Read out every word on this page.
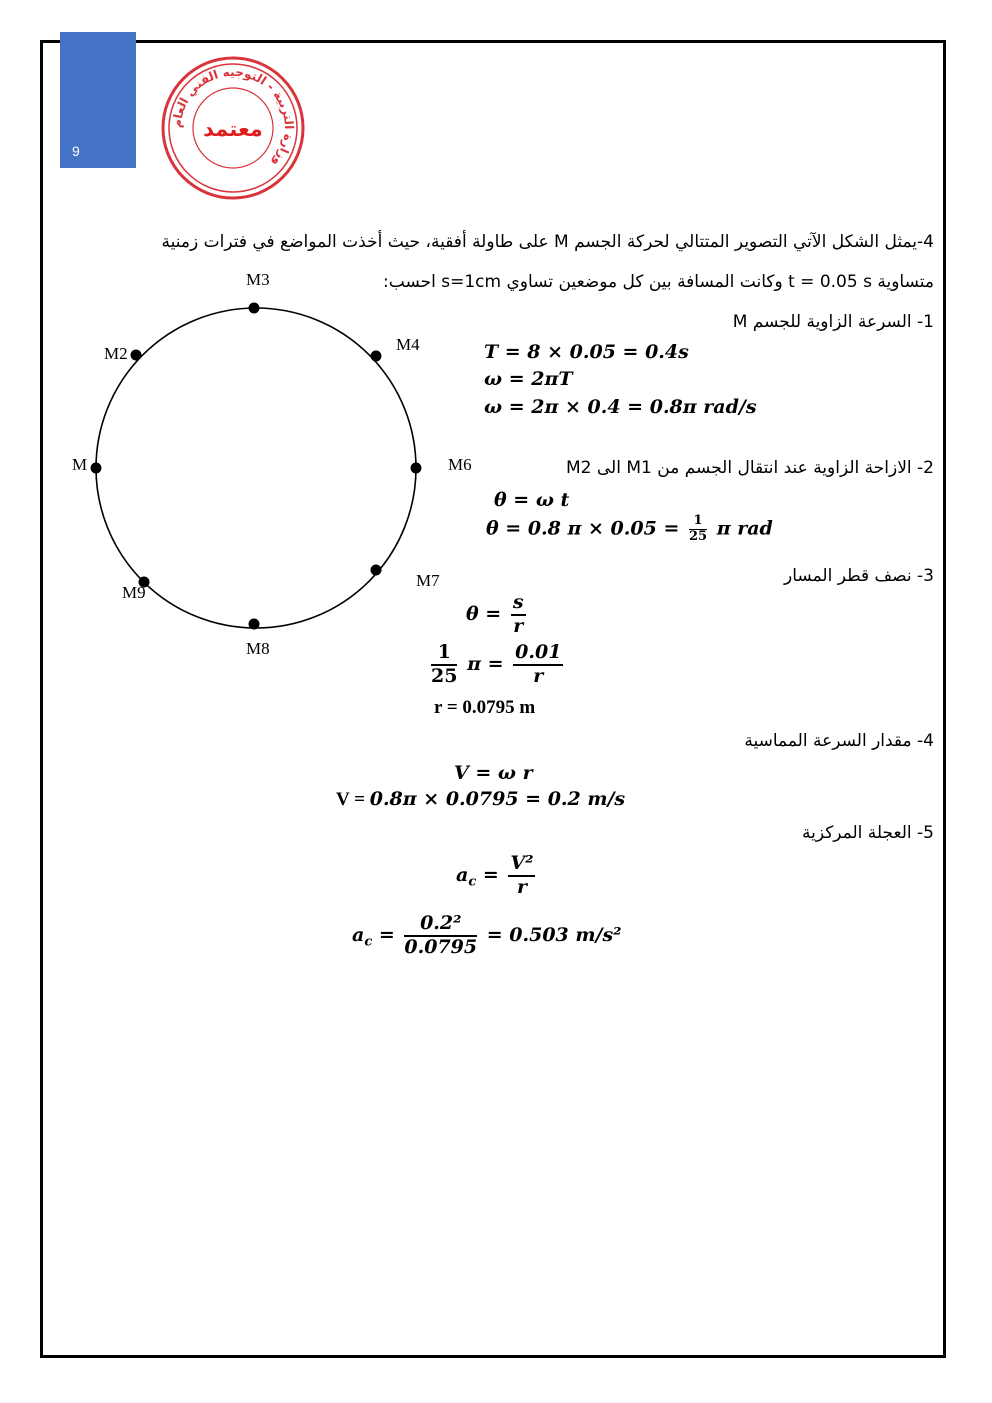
9
وزارة التربية - التوجيه الفني العام
معتمد
4-يمثل الشكل الآتي التصوير المتتالي لحركة الجسم M على طاولة أفقية، حيث أخذت المواضع في فترات زمنية
متساوية t = 0.05 s وكانت المسافة بين كل موضعين تساوي s=1cm احسب:
M
M2
M3
M4
M6
M7
M8
M9
1- السرعة الزاوية للجسم M
T = 8 × 0.05 = 0.4s
ω = 2πT
ω = 2π × 0.4 = 0.8π rad/s
2- الازاحة الزاوية عند انتقال الجسم من M1 الى M2
θ = ω t
θ = 0.8 $\pi \times 0.05 = \frac{1}{25}$ π rad
3- نصف قطر المسار
$\theta = \frac{s}{r}$
$\frac{1}{25}$ $\pi = \frac{0.01}{r}$
r = 0.0795 m
4- مقدار السرعة المماسية
V = ω r
V = 0.8π × 0.0795 = 0.2 m/s
5- العجلة المركزية
$a_c = \frac{\text{V²}}{r}$
$a_c = \frac{\text{0.2²}}{0.0795} = 0.503$ m/s²
